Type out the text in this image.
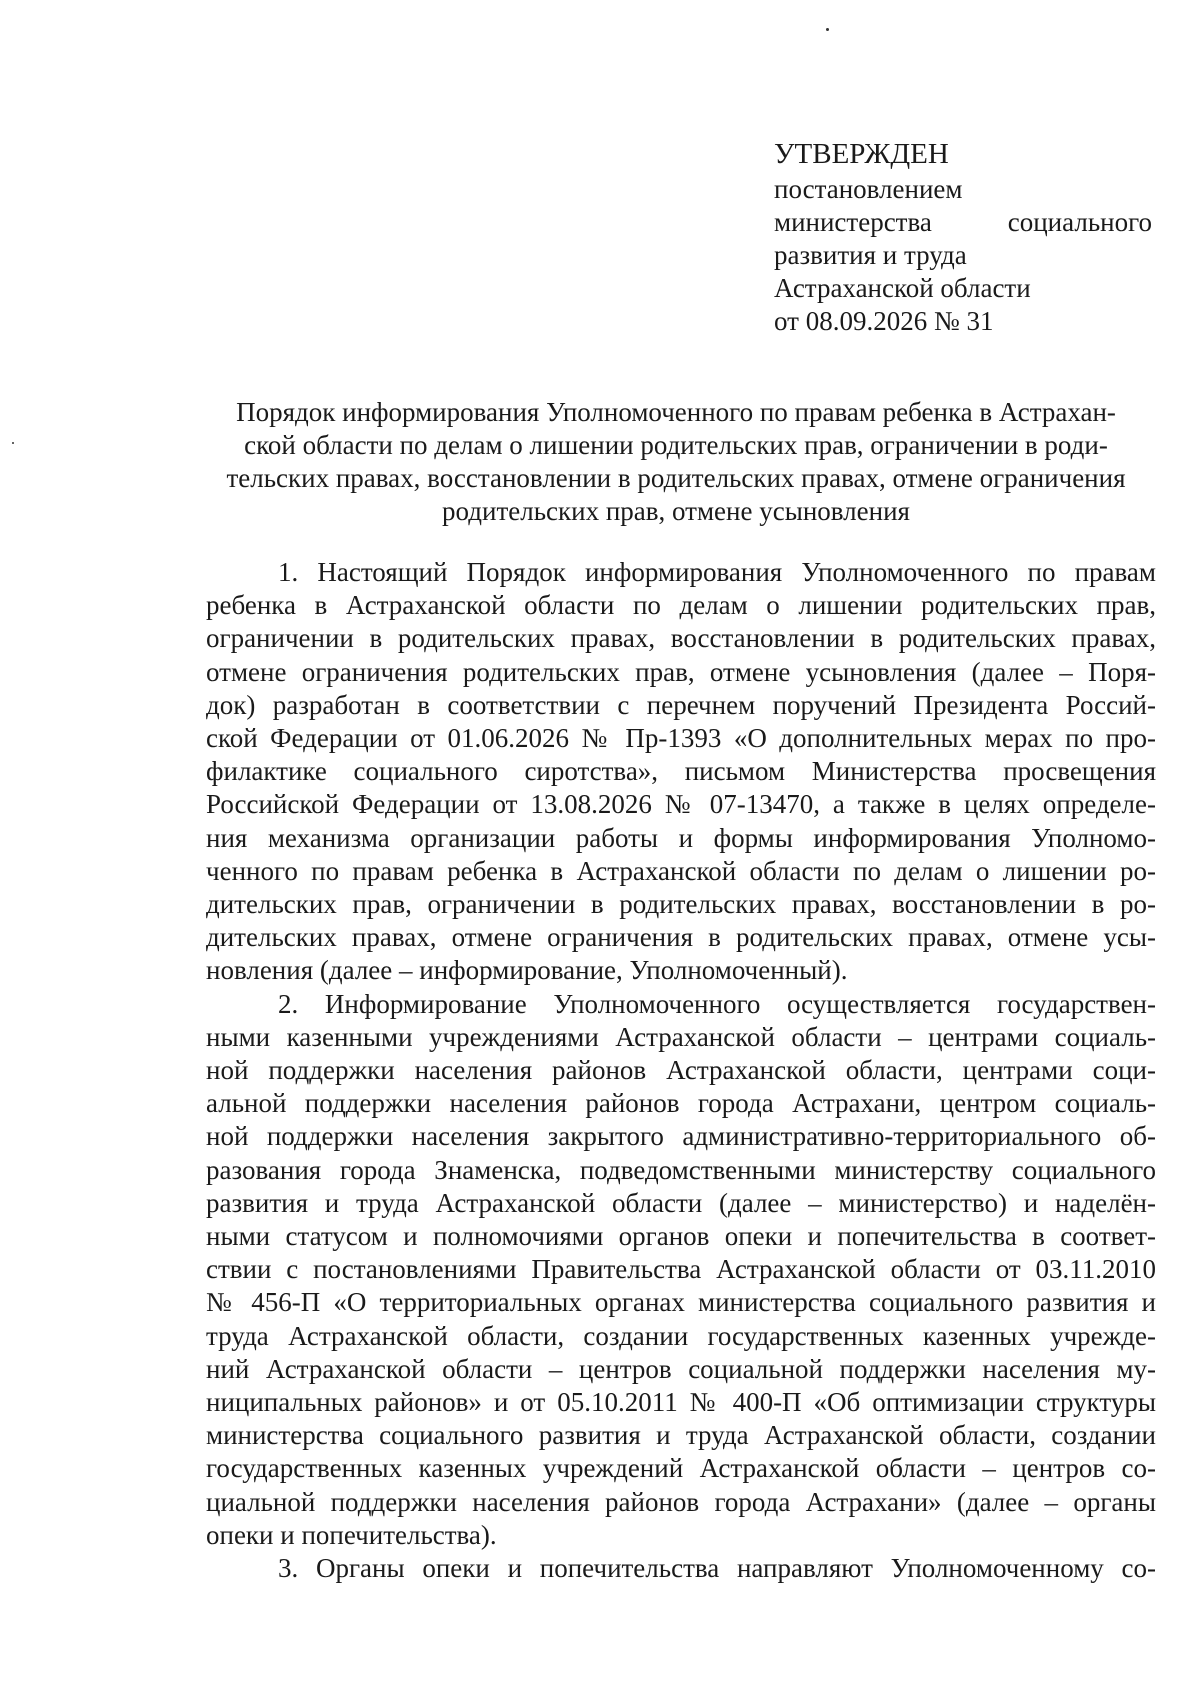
УТВЕРЖДЕН
постановлением
министерства	социального
развития и труда
Астраханской области
от 08.09.2026 № 31
Порядок информирования Уполномоченного по правам ребенка в Астрахан-
ской области по делам о лишении родительских прав, ограничении в роди-
тельских правах, восстановлении в родительских правах, отмене ограничения
родительских прав, отмене усыновления

1. Настоящий Порядок информирования Уполномоченного по правам
ребенка в Астраханской области по делам о лишении родительских прав,
ограничении в родительских правах, восстановлении в родительских правах,
отмене ограничения родительских прав, отмене усыновления (далее – Поря-
док) разработан в соответствии с перечнем поручений Президента Россий-
ской Федерации от 01.06.2026 № Пр-1393 «О дополнительных мерах по про-
филактике социального сиротства», письмом Министерства просвещения
Российской Федерации от 13.08.2026 № 07-13470, а также в целях определе-
ния механизма организации работы и формы информирования Уполномо-
ченного по правам ребенка в Астраханской области по делам о лишении ро-
дительских прав, ограничении в родительских правах, восстановлении в ро-
дительских правах, отмене ограничения в родительских правах, отмене усы-
новления (далее – информирование, Уполномоченный).

2. Информирование Уполномоченного осуществляется государствен-
ными казенными учреждениями Астраханской области – центрами социаль-
ной поддержки населения районов Астраханской области, центрами соци-
альной поддержки населения районов города Астрахани, центром социаль-
ной поддержки населения закрытого административно-территориального об-
разования города Знаменска, подведомственными министерству социального
развития и труда Астраханской области (далее – министерство) и наделён-
ными статусом и полномочиями органов опеки и попечительства в соответ-
ствии с постановлениями Правительства Астраханской области от 03.11.2010
№ 456-П «О территориальных органах министерства социального развития и
труда Астраханской области, создании государственных казенных учрежде-
ний Астраханской области – центров социальной поддержки населения му-
ниципальных районов» и от 05.10.2011 № 400-П «Об оптимизации структуры
министерства социального развития и труда Астраханской области, создании
государственных казенных учреждений Астраханской области – центров со-
циальной поддержки населения районов города Астрахани» (далее – органы
опеки и попечительства).

3. Органы опеки и попечительства направляют Уполномоченному со-
